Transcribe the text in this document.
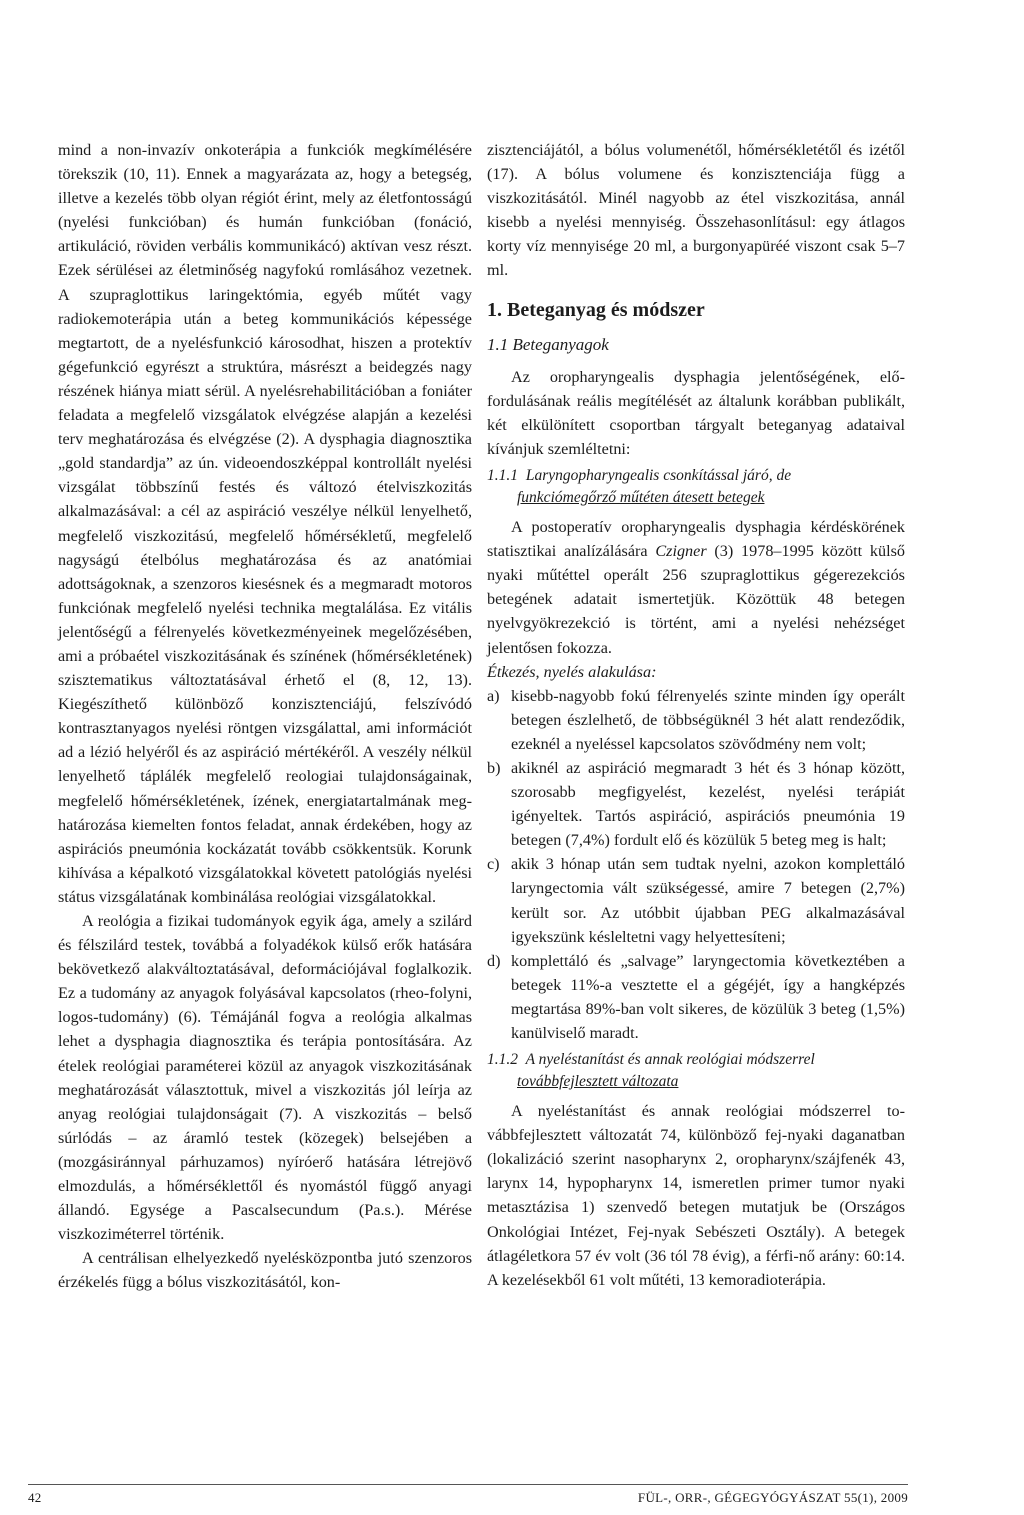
mind a non-invazív onkoterápia a funkciók megkímélésére törekszik (10, 11). Ennek a magyarázata az, hogy a betegség, illetve a kezelés több olyan régiót érint, mely az életfontosságú (nyelési funkcióban) és humán funkcióban (fonáció, artikuláció, röviden verbális kommunikácó) aktívan vesz részt. Ezek sérülései az életminőség nagyfokú romlásához vezetnek. A szupraglottikus laringektómia, egyéb műtét vagy radiokemoterápia után a beteg kommunikációs képessége megtartott, de a nyelésfunkció károsodhat, hiszen a protektív gégefunkció egyrészt a struktúra, másrészt a beidegzés nagy részének hiánya miatt sérül. A nyelésrehabilitációban a foniáter feladata a megfelelő vizsgálatok elvégzése alapján a kezelési terv meghatározása és elvégzése (2). A dysphagia diagnosztika „gold standardja” az ún. videoendoszképpal kontrollált nyelési vizsgálat többszínű festés és változó ételviszkozitás alkalmazásával: a cél az aspiráció veszélye nélkül lenyelhető, megfelelő viszkozitású, megfelelő hőmérsékletű, megfelelő nagyságú ételbólus meghatározása és az anatómiai adottságoknak, a szenzoros kiesésnek és a megmaradt motoros funkciónak megfelelő nyelési technika megtalálása. Ez vitális jelentőségű a félrenyelés következményeinek megelőzésében, ami a próbaétel viszkozitásának és színének (hőmérsékletének) szisztematikus változtatásával érhető el (8, 12, 13). Kiegészíthető különböző konzisztenciájú, felszívódó kontrasztanyagos nyelési röntgen vizsgálattal, ami információt ad a lézió helyéről és az aspiráció mértékéről. A veszély nélkül lenyelhető táplálék megfelelő reologiai tulajdonságainak, megfelelő hőmérsékletének, ízének, energiatartalmának meghatározása kiemelten fontos feladat, annak érdekében, hogy az aspirációs pneumónia kockázatát tovább csökkentsük. Korunk kihívása a képalkotó vizsgálatokkal követett patológiás nyelési státus vizsgálatának kombinálása reológiai vizsgálatokkal.

A reológia a fizikai tudományok egyik ága, amely a szilárd és félszilárd testek, továbbá a folyadékok külső erők hatására bekövetkező alakváltoztatásával, deformációjával foglalkozik. Ez a tudomány az anyagok folyásával kapcsolatos (rheo-folyni, logos-tudomány) (6). Témájánál fogva a reológia alkalmas lehet a dysphagia diagnosztika és terápia pontosítására. Az ételek reológiai paraméterei közül az anyagok viszkozitásának meghatározását választottuk, mivel a viszkozitás jól leírja az anyag reológiai tulajdonságait (7). A viszkozitás – belső súrlódás – az áramló testek (közegek) belsejében a (mozgásiránnyal párhuzamos) nyíróerő hatására létrejövő elmozdulás, a hőmérséklettől és nyomástól függő anyagi állandó. Egysége a Pascalsecundum (Pa.s.). Mérése viszkoziméterrel történik.

A centrálisan elhelyezkedő nyelésközpontba jutó szenzoros érzékelés függ a bólus viszkozitásától, kon-

zisztenciájától, a bólus volumenétől, hőmérsékletétől és izétől (17). A bólus volumene és konzisztenciája függ a viszkozitásától. Minél nagyobb az étel viszkozitása, annál kisebb a nyelési mennyiség. Összehasonlításul: egy átlagos korty víz mennyisége 20 ml, a burgonyapüréé viszont csak 5–7 ml.

1. Beteganyag és módszer
1.1 Beteganyagok

Az oropharyngealis dysphagia jelentőségének, előfordulásának reális megítélését az általunk korábban publikált, két elkülönített csoportban tárgyalt beteganyag adataival kívánjuk szemléltetni:

1.1.1 Laryngopharyngealis csonkítással járó, de
funkciómegőrző műtéten átesett betegek

A postoperatív oropharyngealis dysphagia kérdéskörének statisztikai analízálására Czigner (3) 1978–1995 között külső nyaki műtéttel operált 256 szupraglottikus gégerezekciós betegének adatait ismertetjük. Közöttük 48 betegen nyelvgyökrezekció is történt, ami a nyelési nehézséget jelentősen fokozza.

Étkezés, nyelés alakulása:

a) kisebb-nagyobb fokú félrenyelés szinte minden így operált betegen észlelhető, de többségüknél 3 hét alatt rendeződik, ezeknél a nyeléssel kapcsolatos szövődmény nem volt;
b) akiknél az aspiráció megmaradt 3 hét és 3 hónap között, szorosabb megfigyelést, kezelést, nyelési terápiát igényeltek. Tartós aspiráció, aspirációs pneumónia 19 betegen (7,4%) fordult elő és közülük 5 beteg meg is halt;
c) akik 3 hónap után sem tudtak nyelni, azokon komplettáló laryngectomia vált szükségessé, amire 7 betegen (2,7%) került sor. Az utóbbit újabban PEG alkalmazásával igyekszünk késleltetni vagy helyettesíteni;
d) komplettáló és „salvage” laryngectomia következtében a betegek 11%-a vesztette el a gégéjét, így a hangképzés megtartása 89%-ban volt sikeres, de közülük 3 beteg (1,5%) kanülviselő maradt.
1.1.2 A nyeléstanítást és annak reológiai módszerrel
továbbfejlesztett változata

A nyeléstanítást és annak reológiai módszerrel továbbfejlesztett változatát 74, különböző fej-nyaki daganatban (lokalizáció szerint nasopharynx 2, oropharynx/szájfenék 43, larynx 14, hypopharynx 14, ismeretlen primer tumor nyaki metasztázisa 1) szenvedő betegen mutatjuk be (Országos Onkológiai Intézet, Fej-nyak Sebészeti Osztály). A betegek átlagéletkora 57 év volt (36 tól 78 évig), a férfi-nő arány: 60:14. A kezelésekből 61 volt műtéti, 13 kemoradioterápia.

42	FÜL-, ORR-, GÉGEGYÓGYÁSZAT 55(1), 2009
